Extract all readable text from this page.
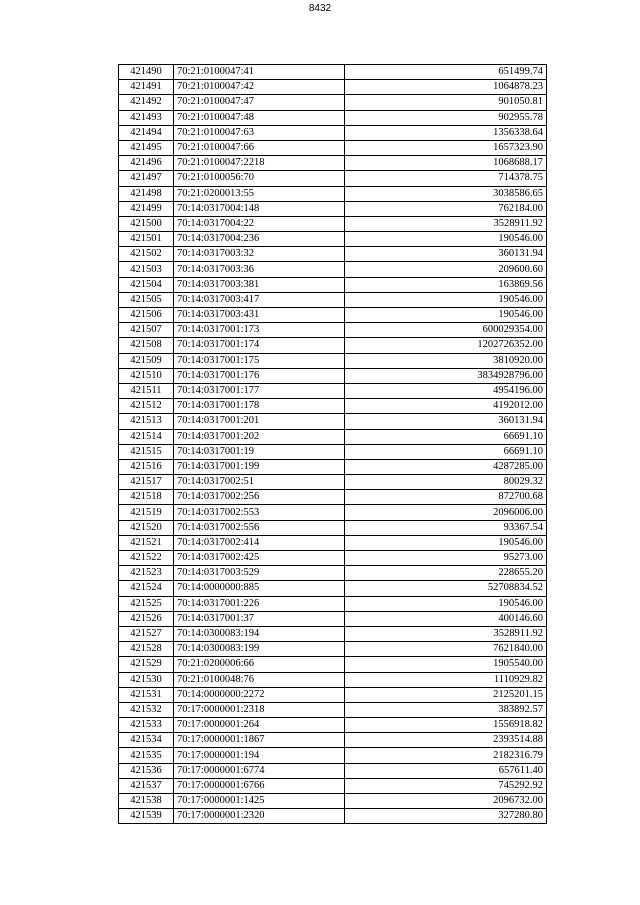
8432
421490	70:21:0100047:41	651499.74
421491	70:21:0100047:42	1064878.23
421492	70:21:0100047:47	901050.81
421493	70:21:0100047:48	902955.78
421494	70:21:0100047:63	1356338.64
421495	70:21:0100047:66	1657323.90
421496	70:21:0100047:2218	1068688.17
421497	70:21:0100056:70	714378.75
421498	70:21:0200013:55	3038586.65
421499	70:14:0317004:148	762184.00
421500	70:14:0317004:22	3528911.92
421501	70:14:0317004:236	190546.00
421502	70:14:0317003:32	360131.94
421503	70:14:0317003:36	209600.60
421504	70:14:0317003:381	163869.56
421505	70:14:0317003:417	190546.00
421506	70:14:0317003:431	190546.00
421507	70:14:0317001:173	600029354.00
421508	70:14:0317001:174	1202726352.00
421509	70:14:0317001:175	3810920.00
421510	70:14:0317001:176	3834928796.00
421511	70:14:0317001:177	4954196.00
421512	70:14:0317001:178	4192012.00
421513	70:14:0317001:201	360131.94
421514	70:14:0317001:202	66691.10
421515	70:14:0317001:19	66691.10
421516	70:14:0317001:199	4287285.00
421517	70:14:0317002:51	80029.32
421518	70:14:0317002:256	872700.68
421519	70:14:0317002:553	2096006.00
421520	70:14:0317002:556	93367.54
421521	70:14:0317002:414	190546.00
421522	70:14:0317002:425	95273.00
421523	70:14:0317003:529	228655.20
421524	70:14:0000000:885	52708834.52
421525	70:14:0317001:226	190546.00
421526	70:14:0317001:37	400146.60
421527	70:14:0300083:194	3528911.92
421528	70:14:0300083:199	7621840.00
421529	70:21:0200006:66	1905540.00
421530	70:21:0100048:76	1110929.82
421531	70:14:0000000:2272	2125201.15
421532	70:17:0000001:2318	383892.57
421533	70:17:0000001:264	1556918.82
421534	70:17:0000001:1867	2393514.88
421535	70:17:0000001:194	2182316.79
421536	70:17:0000001:6774	657611.40
421537	70:17:0000001:6766	745292.92
421538	70:17:0000001:1425	2096732.00
421539	70:17:0000001:2320	327280.80
